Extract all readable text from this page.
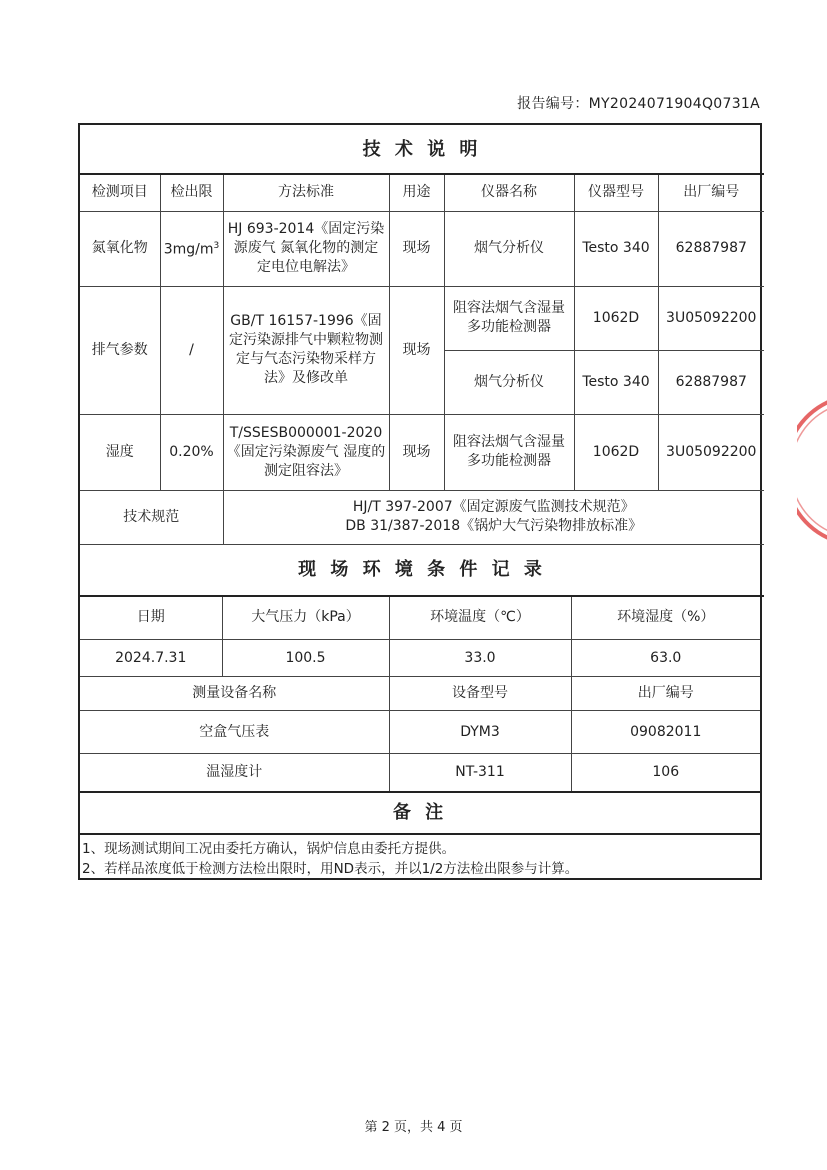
报告编号：MY2024071904Q0731A
技 术 说 明						
检测项目	检出限	方法标准	用途	仪器名称	仪器型号	出厂编号
氮氧化物	$3mg/m^3$	HJ 693-2014《固定污染源废气 氮氧化物的测定 定电位电解法》	现场	烟气分析仪	Testo 340	62887987
排气参数	/	GB/T 16157-1996《固定污染源排气中颗粒物测定与气态污染物采样方法》及修改单	现场	阻容法烟气含湿量多功能检测器	1062D	3U05092200
				烟气分析仪	Testo 340	62887987
湿度	0.20%	T/SSESB000001-2020《固定污染源废气 湿度的测定阻容法》	现场	阻容法烟气含湿量多功能检测器	1062D	3U05092200
技术规范		HJ/T 397-2007《固定源废气监测技术规范》
DB 31/387-2018《锅炉大气污染物排放标准》				

现 场 环 境 条 件 记 录						
日期	大气压力（kPa）	环境温度（℃）	环境湿度（%）
2024.7.31	100.5	33.0	63.0
测量设备名称		设备型号	出厂编号
空盒气压表		DYM3	09082011
温湿度计		NT-311	106
备 注			

1、现场测试期间工况由委托方确认，锅炉信息由委托方提供。
2、若样品浓度低于检测方法检出限时，用ND表示，并以1/2方法检出限参与计算。			
第 2 页，共 4 页
